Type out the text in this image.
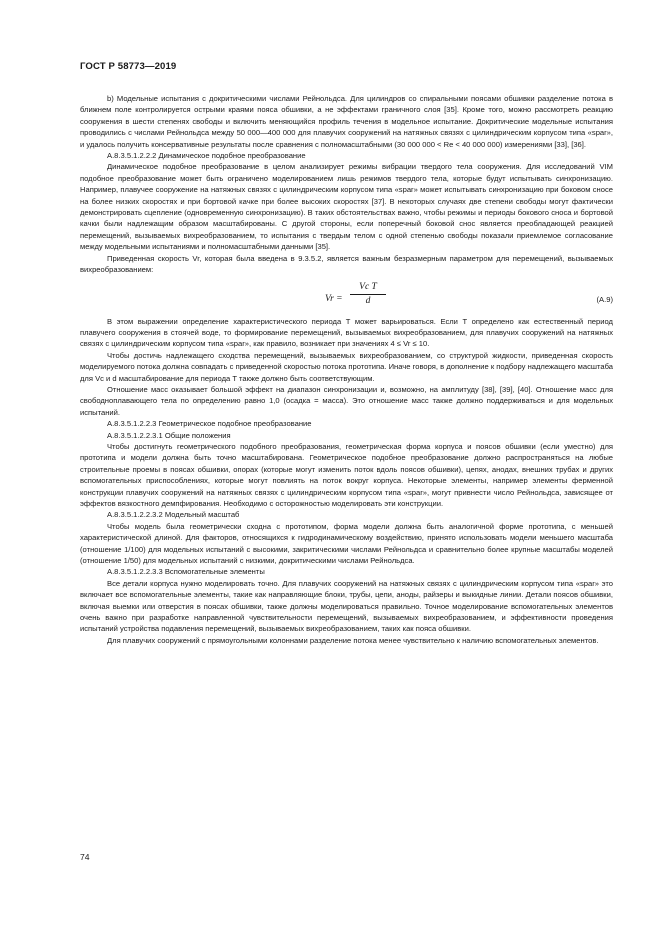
ГОСТ Р 58773—2019

b) Модельные испытания с докритическими числами Рейнольдса. Для цилиндров со спиральными поясами обшивки разделение потока в ближнем поле контролируется острыми краями пояса обшивки, а не эффектами граничного слоя [35]. Кроме того, можно рассмотреть реакцию сооружения в шести степенях свободы и включить меняющийся профиль течения в модельное испытание. Докритические модельные испытания проводились с числами Рейнольдса между 50 000—400 000 для плавучих сооружений на натяжных связях с цилиндрическим корпусом типа «spar», и удалось получить консервативные результаты после сравнения с полномасштабными (30 000 000 < Re < 40 000 000) измерениями [33], [36].

А.8.3.5.1.2.2.2 Динамическое подобное преобразование

Динамическое подобное преобразование в целом анализирует режимы вибрации твердого тела сооружения. Для исследований VIM подобное преобразование может быть ограничено моделированием лишь режимов твердого тела, которые будут испытывать синхронизацию. Например, плавучее сооружение на натяжных связях с цилиндрическим корпусом типа «spar» может испытывать синхронизацию при боковом сносе на более низких скоростях и при бортовой качке при более высоких скоростях [37]. В некоторых случаях две степени свободы могут фактически демонстрировать сцепление (одновременную синхронизацию). В таких обстоятельствах важно, чтобы режимы и периоды бокового сноса и бортовой качки были надлежащим образом масштабированы. С другой стороны, если поперечный боковой снос является преобладающей реакцией перемещений, вызываемых вихреобразованием, то испытания с твердым телом с одной степенью свободы показали приемлемое согласование между модельными испытаниями и полномасштабными данными [35].

Приведенная скорость Vr, которая была введена в 9.3.5.2, является важным безразмерным параметром для перемещений, вызываемых вихреобразованием:

Vr =
Vc T
d	(А.9)

В этом выражении определение характеристического периода T может варьироваться. Если T определено как естественный период плавучего сооружения в стоячей воде, то формирование перемещений, вызываемых вихреобразованием, для плавучих сооружений на натяжных связях с цилиндрическим корпусом типа «spar», как правило, возникает при значениях 4 ≤ Vr ≤ 10.

Чтобы достичь надлежащего сходства перемещений, вызываемых вихреобразованием, со структурой жидкости, приведенная скорость моделируемого потока должна совпадать с приведенной скоростью потока прототипа. Иначе говоря, в дополнение к подбору надлежащего масштаба для Vc и d масштабирование для периода T также должно быть соответствующим.

Отношение масс оказывает большой эффект на диапазон синхронизации и, возможно, на амплитуду [38], [39], [40]. Отношение масс для свободноплавающего тела по определению равно 1,0 (осадка = масса). Это отношение масс также должно поддерживаться и для модельных испытаний.

А.8.3.5.1.2.2.3 Геометрическое подобное преобразование

А.8.3.5.1.2.2.3.1 Общие положения

Чтобы достигнуть геометрического подобного преобразования, геометрическая форма корпуса и поясов обшивки (если уместно) для прототипа и модели должна быть точно масштабирована. Геометрическое подобное преобразование должно распространяться на любые строительные проемы в поясах обшивки, опорах (которые могут изменить поток вдоль поясов обшивки), цепях, анодах, внешних трубах и других вспомогательных приспособлениях, которые могут повлиять на поток вокруг корпуса. Некоторые элементы, например элементы ферменной конструкции плавучих сооружений на натяжных связях с цилиндрическим корпусом типа «spar», могут привнести число Рейнольдса, зависящее от эффектов вязкостного демпфирования. Необходимо с осторожностью моделировать эти конструкции.

А.8.3.5.1.2.2.3.2 Модельный масштаб

Чтобы модель была геометрически сходна с прототипом, форма модели должна быть аналогичной форме прототипа, с меньшей характеристической длиной. Для факторов, относящихся к гидродинамическому воздействию, принято использовать модели меньшего масштаба (отношение 1/100) для модельных испытаний с высокими, закритическими числами Рейнольдса и сравнительно более крупные масштабы моделей (отношение 1/50) для модельных испытаний с низкими, докритическими числами Рейнольдса.

А.8.3.5.1.2.2.3.3 Вспомогательные элементы

Все детали корпуса нужно моделировать точно. Для плавучих сооружений на натяжных связях с цилиндрическим корпусом типа «spar» это включает все вспомогательные элементы, такие как направляющие блоки, трубы, цепи, аноды, райзеры и выкидные линии. Детали поясов обшивки, включая выемки или отверстия в поясах обшивки, также должны моделироваться правильно. Точное моделирование вспомогательных элементов очень важно при разработке направленной чувствительности перемещений, вызываемых вихреобразованием, и эффективности проведения испытаний устройства подавления перемещений, вызываемых вихреобразованием, таких как пояса обшивки.

Для плавучих сооружений с прямоугольными колоннами разделение потока менее чувствительно к наличию вспомогательных элементов.

74
